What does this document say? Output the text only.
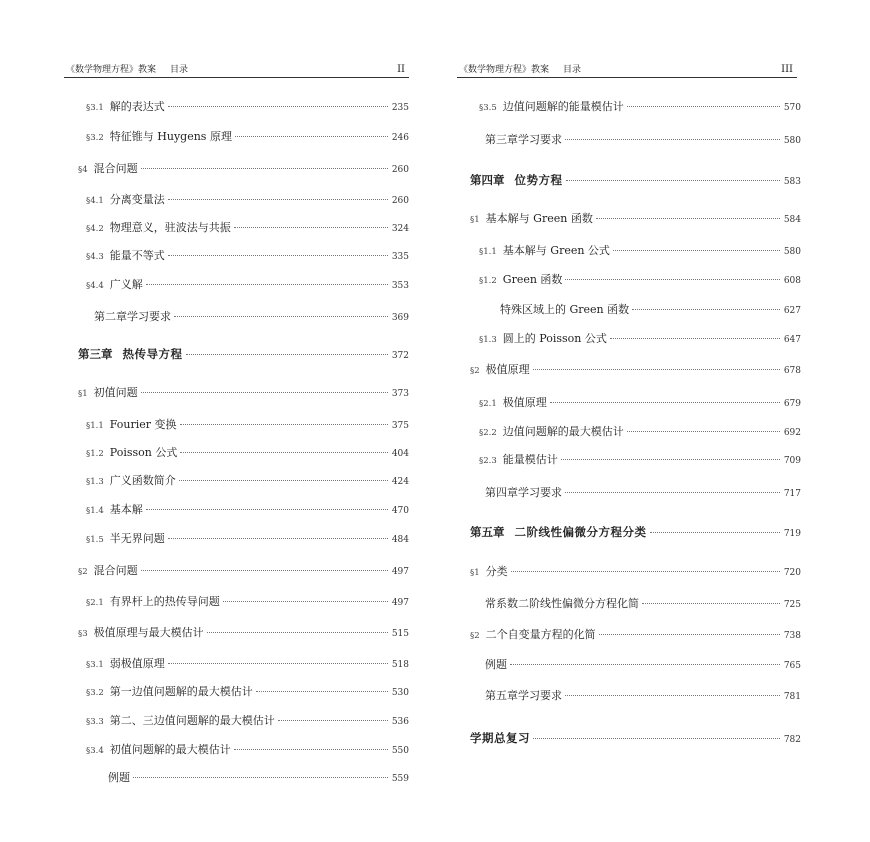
《数学物理方程》教案 目录	II
§3.1 解的表达式	235
§3.2 特征锥与 Huygens 原理	246
§4 混合问题	260
§4.1 分离变量法	260
§4.2 物理意义，驻波法与共振	324
§4.3 能量不等式	335
§4.4 广义解	353
第二章学习要求	369
第三章 热传导方程	372
§1 初值问题	373
§1.1 Fourier 变换	375
§1.2 Poisson 公式	404
§1.3 广义函数简介	424
§1.4 基本解	470
§1.5 半无界问题	484
§2 混合问题	497
§2.1 有界杆上的热传导问题	497
§3 极值原理与最大模估计	515
§3.1 弱极值原理	518
§3.2 第一边值问题解的最大模估计	530
§3.3 第二、三边值问题解的最大模估计	536
§3.4 初值问题解的最大模估计	550
例题	559
《数学物理方程》教案 目录	III
§3.5 边值问题解的能量模估计	570
第三章学习要求	580
第四章 位势方程	583
§1 基本解与 Green 函数	584
§1.1 基本解与 Green 公式	580
§1.2 Green 函数	608
特殊区域上的 Green 函数	627
§1.3 圆上的 Poisson 公式	647
§2 极值原理	678
§2.1 极值原理	679
§2.2 边值问题解的最大模估计	692
§2.3 能量模估计	709
第四章学习要求	717
第五章 二阶线性偏微分方程分类	719
§1 分类	720
常系数二阶线性偏微分方程化简	725
§2 二个自变量方程的化简	738
例题	765
第五章学习要求	781
学期总复习	782
